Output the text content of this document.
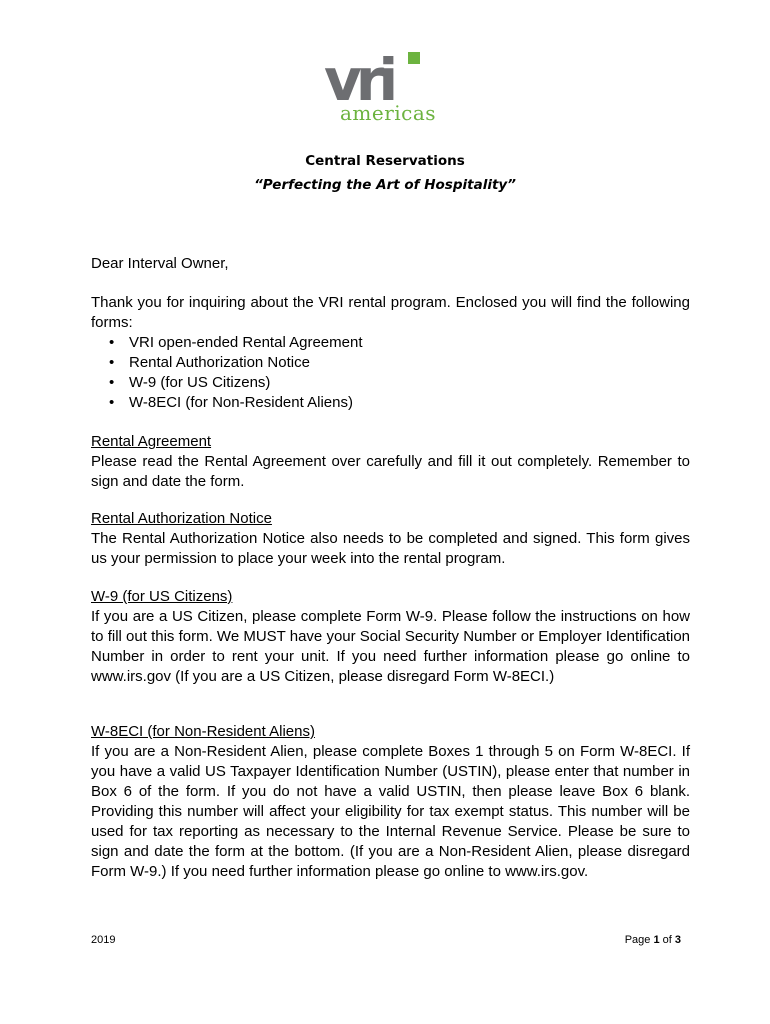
vri
americas
Central Reservations
“Perfecting the Art of Hospitality”
Dear Interval Owner,
Thank you for inquiring about the VRI rental program. Enclosed you will find the following forms:
• VRI open-ended Rental Agreement
• Rental Authorization Notice
• W-9 (for US Citizens)
• W-8ECI (for Non-Resident Aliens)
Rental Agreement
Please read the Rental Agreement over carefully and fill it out completely. Remember to sign and date the form.
Rental Authorization Notice
The Rental Authorization Notice also needs to be completed and signed. This form gives us your permission to place your week into the rental program.
W-9 (for US Citizens)
If you are a US Citizen, please complete Form W-9. Please follow the instructions on how to fill out this form. We MUST have your Social Security Number or Employer Identification Number in order to rent your unit. If you need further information please go online to www.irs.gov (If you are a US Citizen, please disregard Form W-8ECI.)
W-8ECI (for Non-Resident Aliens)
If you are a Non-Resident Alien, please complete Boxes 1 through 5 on Form W-8ECI. If you have a valid US Taxpayer Identification Number (USTIN), please enter that number in Box 6 of the form. If you do not have a valid USTIN, then please leave Box 6 blank. Providing this number will affect your eligibility for tax exempt status. This number will be used for tax reporting as necessary to the Internal Revenue Service. Please be sure to sign and date the form at the bottom. (If you are a Non-Resident Alien, please disregard Form W-9.) If you need further information please go online to www.irs.gov.
2019	Page 1 of 3
